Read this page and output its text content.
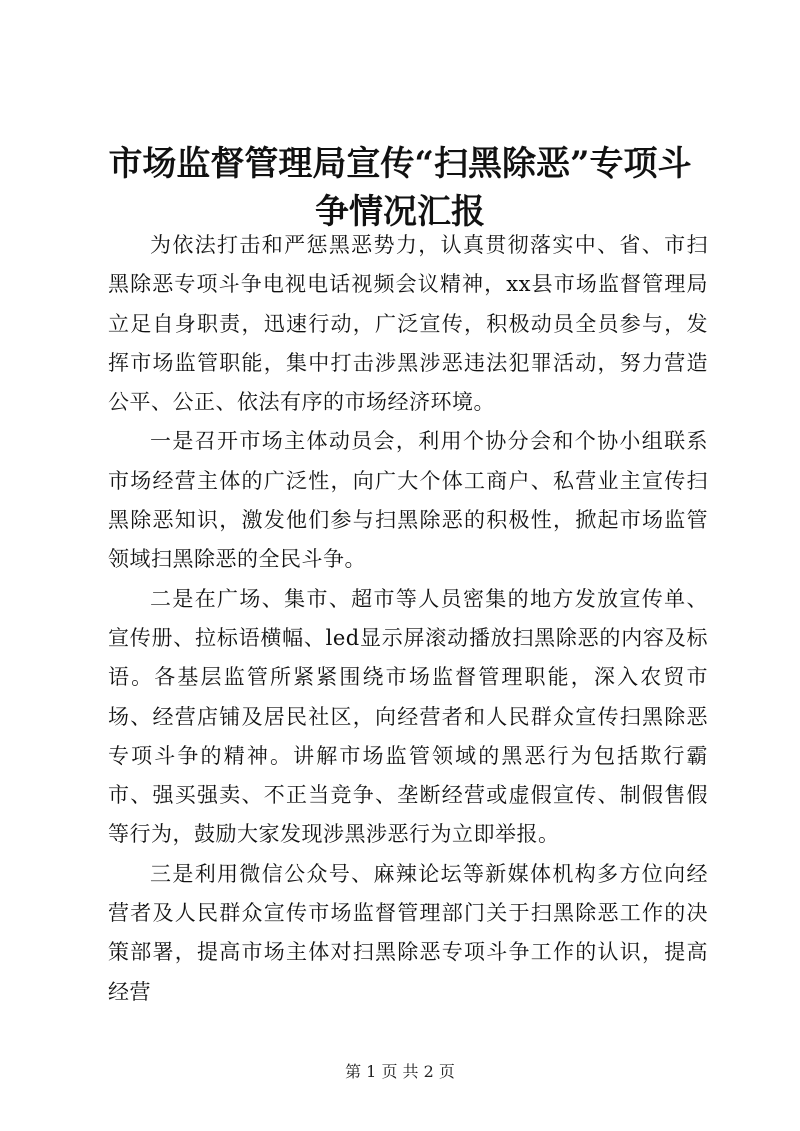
市场监督管理局宣传“扫黑除恶”专项斗争情况汇报

为依法打击和严惩黑恶势力，认真贯彻落实中、省、市扫黑除恶专项斗争电视电话视频会议精神，xx县市场监督管理局立足自身职责，迅速行动，广泛宣传，积极动员全员参与，发挥市场监管职能，集中打击涉黑涉恶违法犯罪活动，努力营造公平、公正、依法有序的市场经济环境。

一是召开市场主体动员会，利用个协分会和个协小组联系市场经营主体的广泛性，向广大个体工商户、私营业主宣传扫黑除恶知识，激发他们参与扫黑除恶的积极性，掀起市场监管领域扫黑除恶的全民斗争。

二是在广场、集市、超市等人员密集的地方发放宣传单、宣传册、拉标语横幅、led显示屏滚动播放扫黑除恶的内容及标语。各基层监管所紧紧围绕市场监督管理职能，深入农贸市场、经营店铺及居民社区，向经营者和人民群众宣传扫黑除恶专项斗争的精神。讲解市场监管领域的黑恶行为包括欺行霸市、强买强卖、不正当竞争、垄断经营或虚假宣传、制假售假等行为，鼓励大家发现涉黑涉恶行为立即举报。

三是利用微信公众号、麻辣论坛等新媒体机构多方位向经营者及人民群众宣传市场监督管理部门关于扫黑除恶工作的决策部署，提高市场主体对扫黑除恶专项斗争工作的认识，提高经营

第 1 页 共 2 页
